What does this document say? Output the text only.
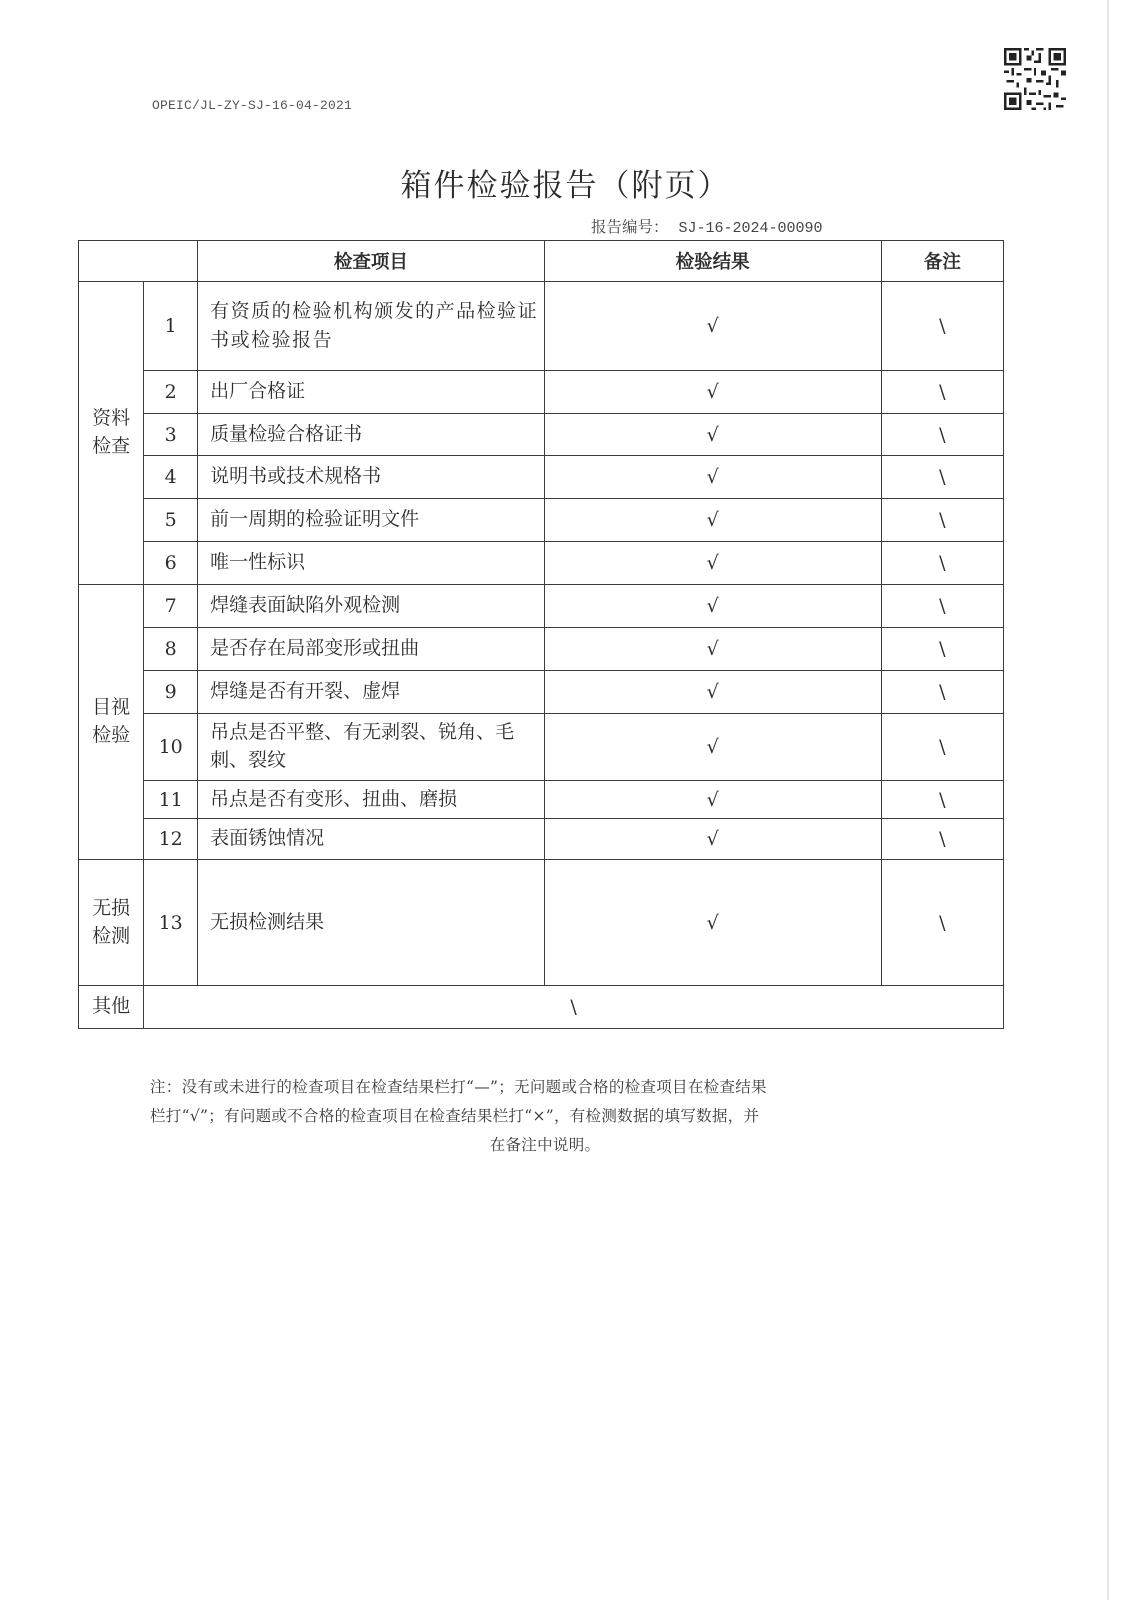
OPEIC/JL-ZY-SJ-16-04-2021
箱件检验报告（附页）
报告编号： SJ-16-2024-00090
		检查项目	检验结果	备注

资料
检查	1	有资质的检验机构颁发的产品检验证书或检验报告	√	\
	2	出厂合格证	√	\
	3	质量检验合格证书	√	\
	4	说明书或技术规格书	√	\
	5	前一周期的检验证明文件	√	\
	6	唯一性标识	√	\

目视
检验	7	焊缝表面缺陷外观检测	√	\
	8	是否存在局部变形或扭曲	√	\
	9	焊缝是否有开裂、虚焊	√	\
	10	吊点是否平整、有无剥裂、锐角、毛刺、裂纹	√	\
	11	吊点是否有变形、扭曲、磨损	√	\
	12	表面锈蚀情况	√	\

无损
检测	13	无损检测结果	√	\
其他	\			
注：没有或未进行的检查项目在检查结果栏打“—”；无问题或合格的检查项目在检查结果
栏打“√”；有问题或不合格的检查项目在检查结果栏打“×”，有检测数据的填写数据，并

在备注中说明。
